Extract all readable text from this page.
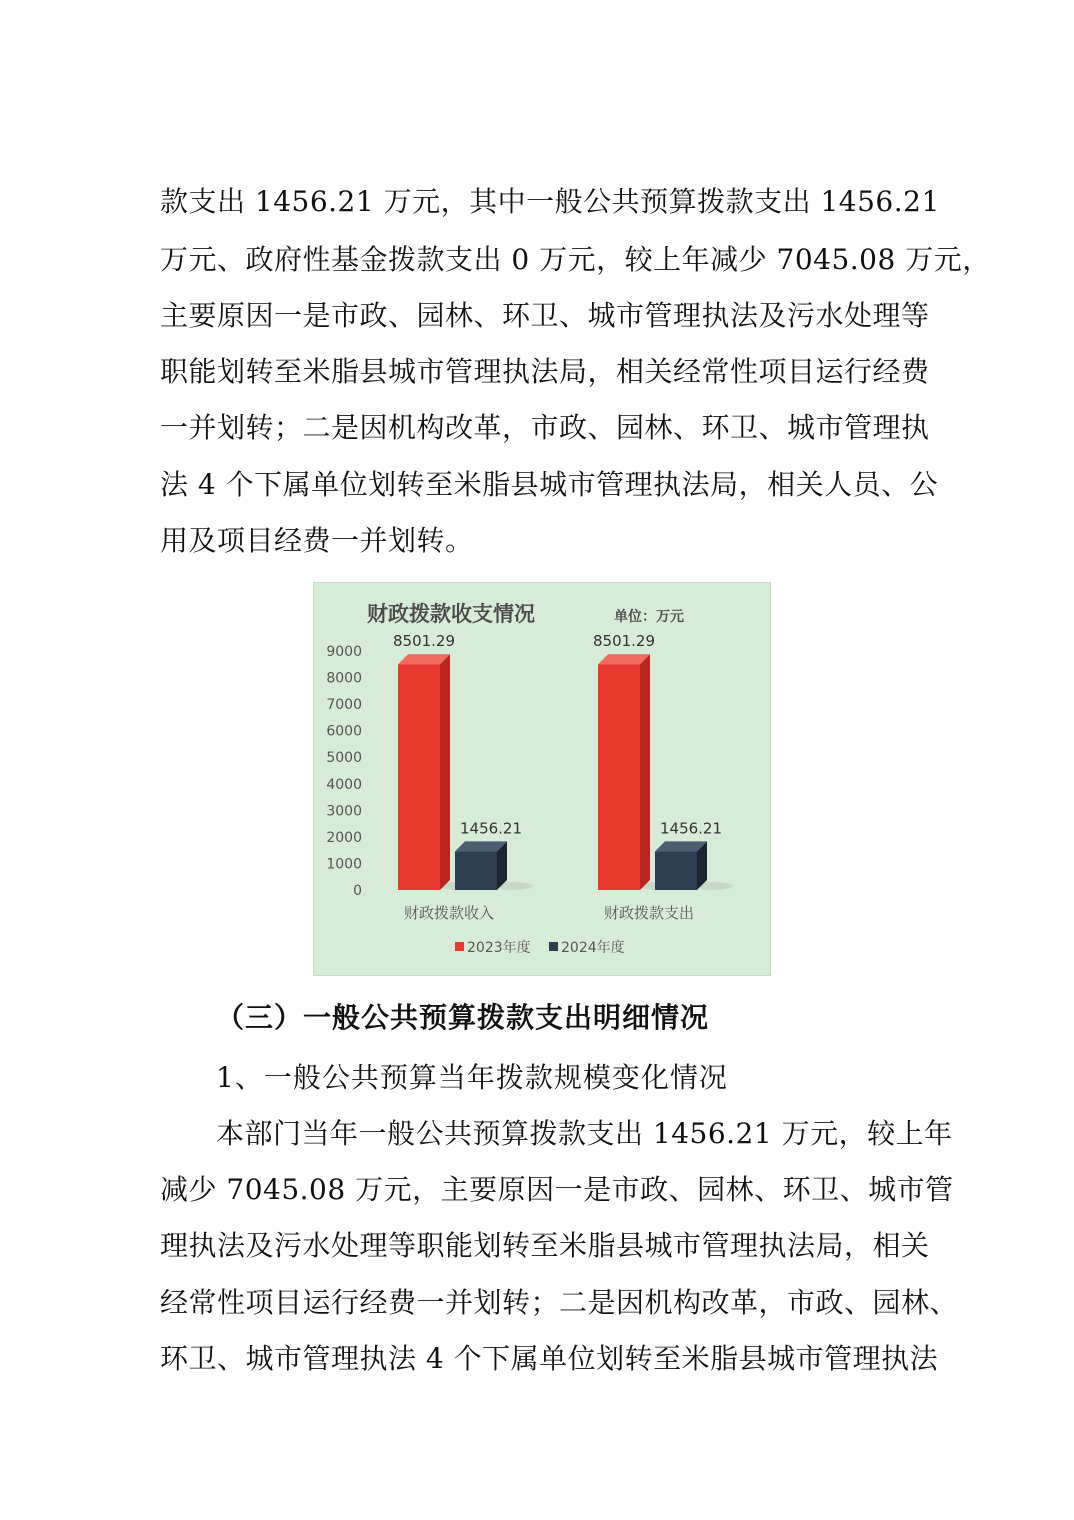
款支出 1456.21 万元，其中一般公共预算拨款支出 1456.21
万元、政府性基金拨款支出 0 万元，较上年减少 7045.08 万元，
主要原因一是市政、园林、环卫、城市管理执法及污水处理等
职能划转至米脂县城市管理执法局，相关经常性项目运行经费
一并划转；二是因机构改革，市政、园林、环卫、城市管理执
法 4 个下属单位划转至米脂县城市管理执法局，相关人员、公
用及项目经费一并划转。
财政拨款收支情况	单位：万元
0
1000
2000
3000
4000
5000
6000
7000
8000
9000
8501.29
1456.21
8501.29
1456.21
财政拨款收入	财政拨款支出
2023年度 2024年度
（三）一般公共预算拨款支出明细情况
1、一般公共预算当年拨款规模变化情况
本部门当年一般公共预算拨款支出 1456.21 万元，较上年
减少 7045.08 万元，主要原因一是市政、园林、环卫、城市管
理执法及污水处理等职能划转至米脂县城市管理执法局，相关
经常性项目运行经费一并划转；二是因机构改革，市政、园林、
环卫、城市管理执法 4 个下属单位划转至米脂县城市管理执法
